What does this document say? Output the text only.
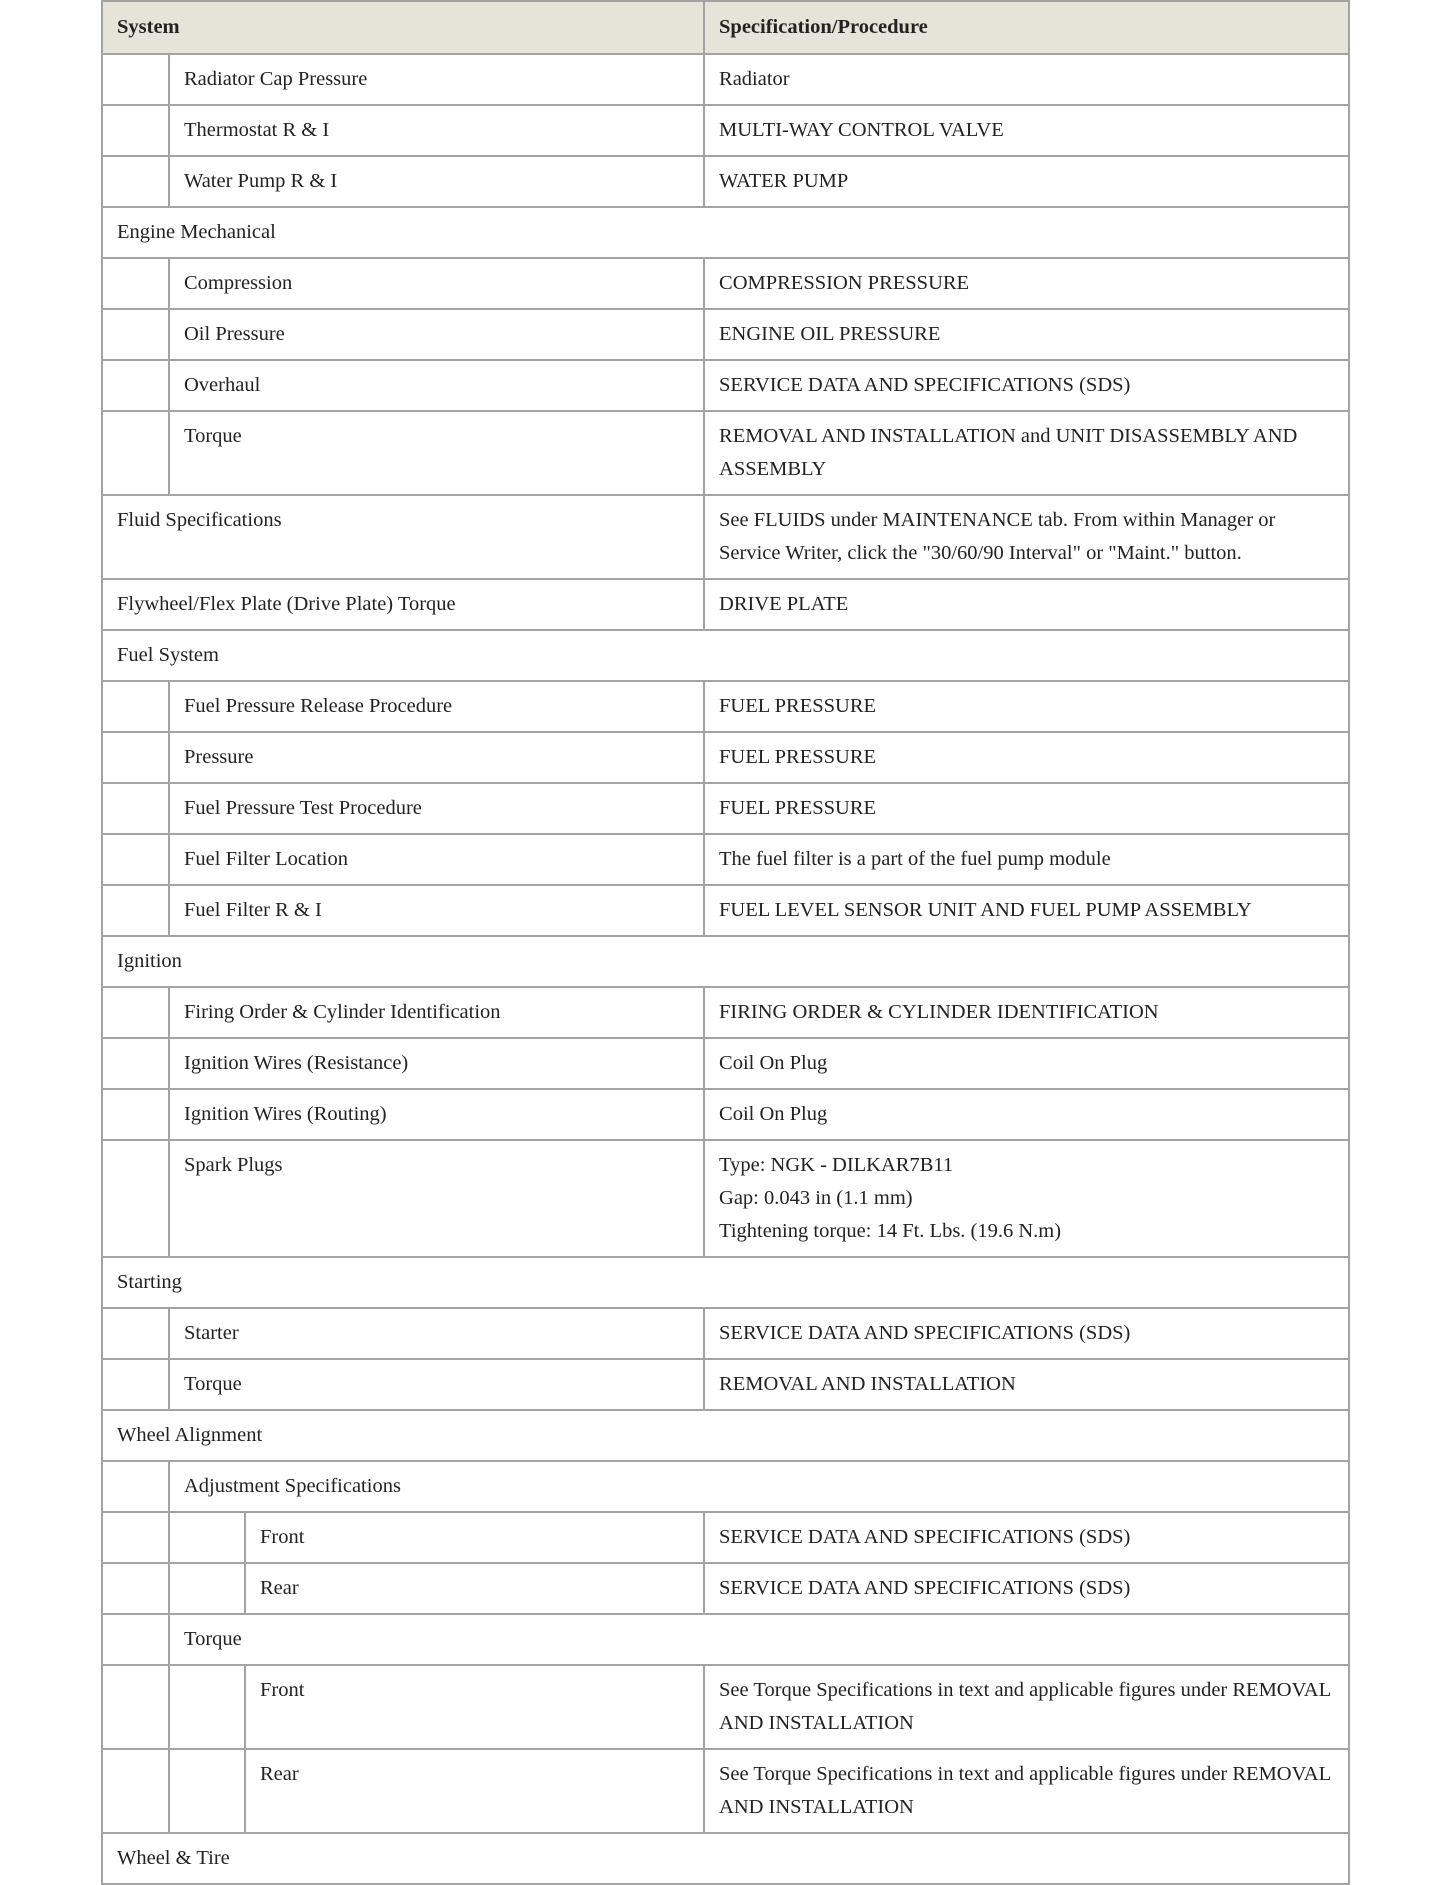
System			Specification/Procedure
	Radiator Cap Pressure		Radiator

	Thermostat R & I		MULTI-WAY CONTROL VALVE

	Water Pump R & I		WATER PUMP

Engine Mechanical			
	Compression		COMPRESSION PRESSURE

	Oil Pressure		ENGINE OIL PRESSURE

	Overhaul		SERVICE DATA AND SPECIFICATIONS (SDS)

	Torque		REMOVAL AND INSTALLATION and UNIT DISASSEMBLY AND ASSEMBLY

Fluid Specifications			See FLUIDS under MAINTENANCE tab. From within Manager or Service Writer, click the "30/60/90 Interval" or "Maint." button.

Flywheel/Flex Plate (Drive Plate) Torque			DRIVE PLATE

Fuel System			
	Fuel Pressure Release Procedure		FUEL PRESSURE

	Pressure		FUEL PRESSURE

	Fuel Pressure Test Procedure		FUEL PRESSURE

	Fuel Filter Location		The fuel filter is a part of the fuel pump module

	Fuel Filter R & I		FUEL LEVEL SENSOR UNIT AND FUEL PUMP ASSEMBLY

Ignition			
	Firing Order & Cylinder Identification		FIRING ORDER & CYLINDER IDENTIFICATION

	Ignition Wires (Resistance)		Coil On Plug

	Ignition Wires (Routing)		Coil On Plug

	Spark Plugs		Type: NGK - DILKAR7B11
Gap: 0.043 in (1.1 mm)
Tightening torque: 14 Ft. Lbs. (19.6 N.m)

Starting			
	Starter		SERVICE DATA AND SPECIFICATIONS (SDS)

	Torque		REMOVAL AND INSTALLATION

Wheel Alignment			
	Adjustment Specifications		
		Front	SERVICE DATA AND SPECIFICATIONS (SDS)

		Rear	SERVICE DATA AND SPECIFICATIONS (SDS)

	Torque		
		Front	See Torque Specifications in text and applicable figures under REMOVAL AND INSTALLATION

		Rear	See Torque Specifications in text and applicable figures under REMOVAL AND INSTALLATION

Wheel & Tire			
